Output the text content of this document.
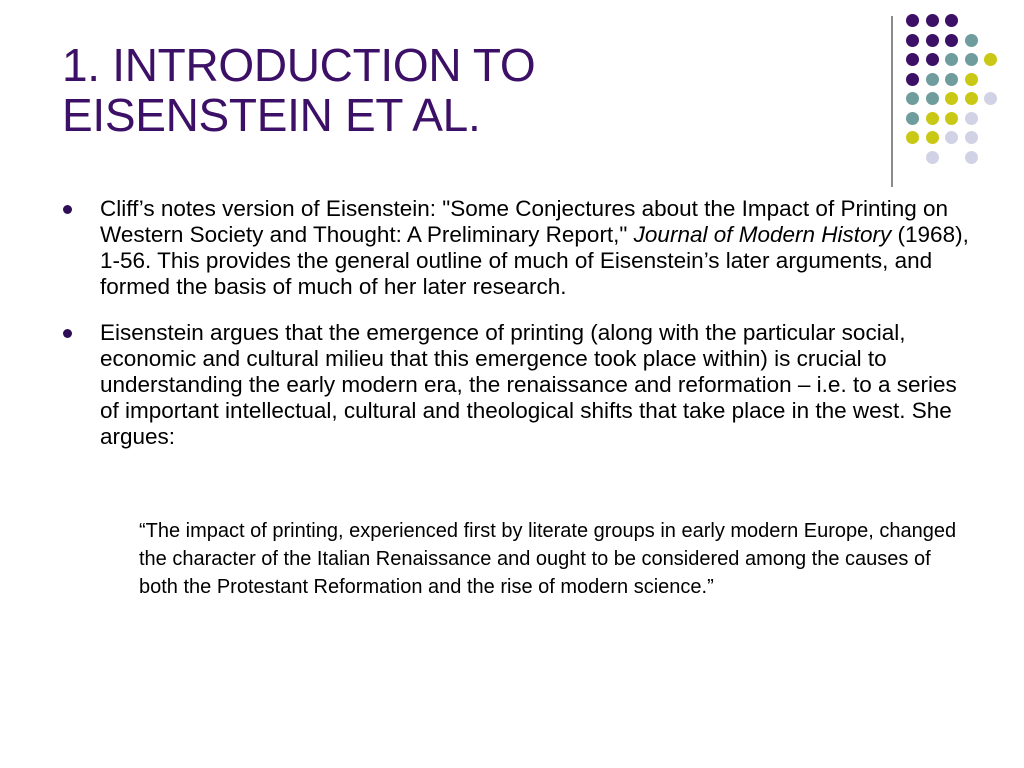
1. INTRODUCTION TO
EISENSTEIN ET AL.
Cliff’s notes version of Eisenstein: "Some Conjectures about the Impact of Printing on Western Society and Thought: A Preliminary Report," Journal of Modern History (1968), 1-56. This provides the general outline of much of Eisenstein’s later arguments, and formed the basis of much of her later research.
Eisenstein argues that the emergence of printing (along with the particular social, economic and cultural milieu that this emergence took place within) is crucial to understanding the early modern era, the renaissance and reformation – i.e. to a series of important intellectual, cultural and theological shifts that take place in the west. She argues:

“The impact of printing, experienced first by literate groups in early modern Europe, changed the character of the Italian Renaissance and ought to be considered among the causes of both the Protestant Reformation and the rise of modern science.”
